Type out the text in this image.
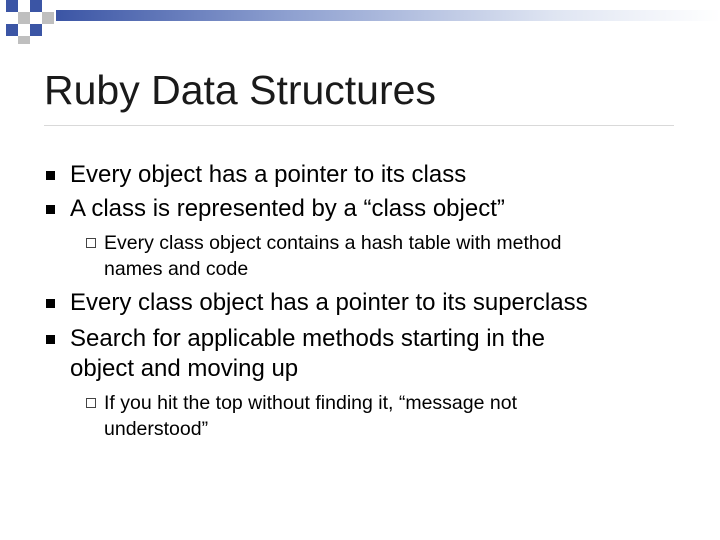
Ruby Data Structures
Every object has a pointer to its class
A class is represented by a “class object”
Every class object contains a hash table with method
names and code
Every class object has a pointer to its superclass
Search for applicable methods starting in the
object and moving up
If you hit the top without finding it, “message not
understood”
